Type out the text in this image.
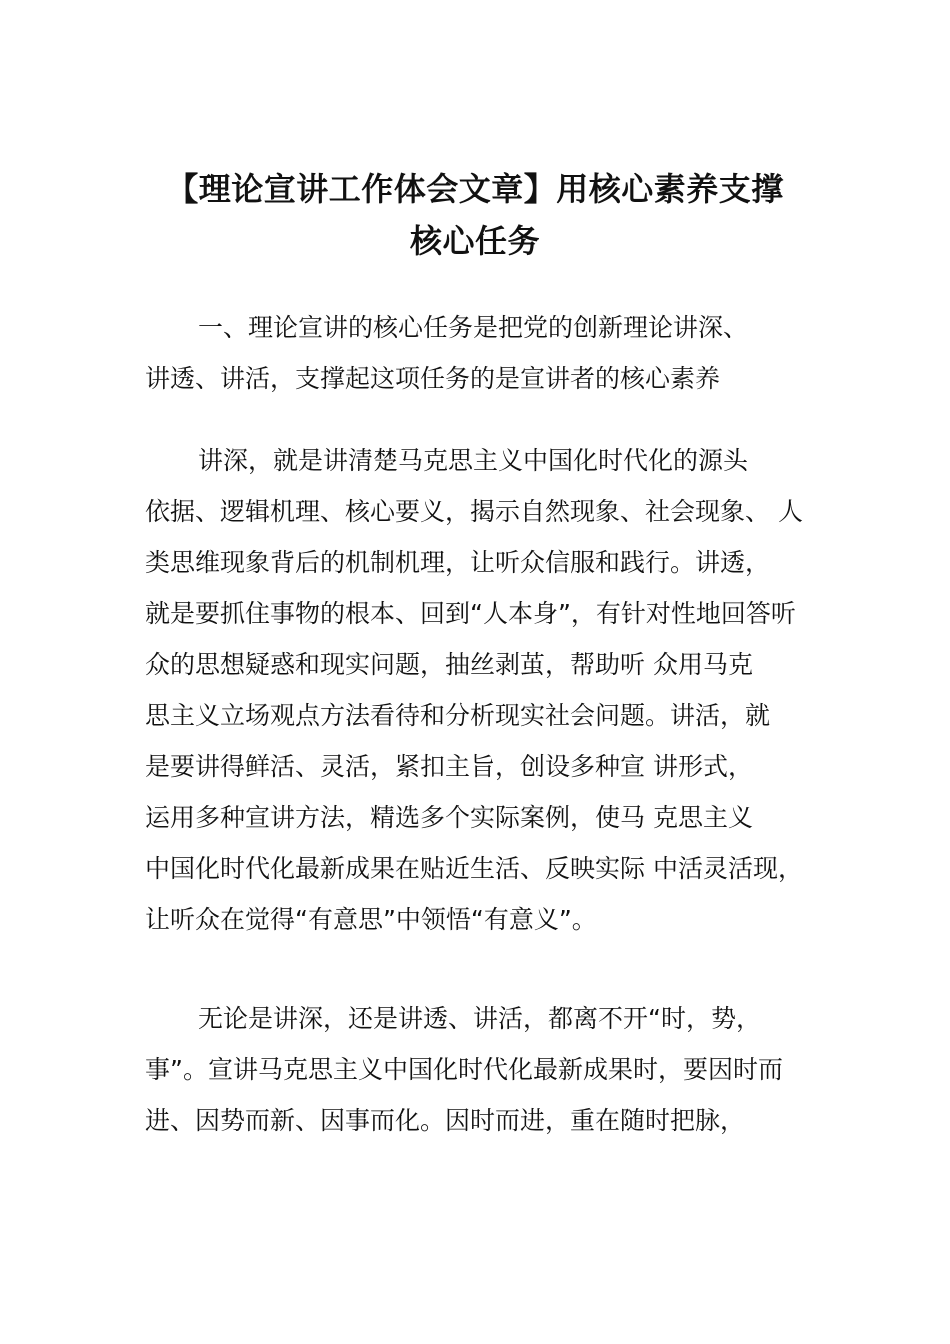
【理论宣讲工作体会文章】用核心素养支撑
核心任务
一、理论宣讲的核心任务是把党的创新理论讲深、
讲透、讲活，支撑起这项任务的是宣讲者的核心素养
讲深，就是讲清楚马克思主义中国化时代化的源头
依据、逻辑机理、核心要义，揭示自然现象、社会现象、 人
类思维现象背后的机制机理，让听众信服和践行。讲透，
就是要抓住事物的根本、回到“人本身”，有针对性地回答听
众的思想疑惑和现实问题，抽丝剥茧，帮助听 众用马克
思主义立场观点方法看待和分析现实社会问题。讲活，就
是要讲得鲜活、灵活，紧扣主旨，创设多种宣 讲形式，
运用多种宣讲方法，精选多个实际案例，使马 克思主义
中国化时代化最新成果在贴近生活、反映实际 中活灵活现，
让听众在觉得“有意思”中领悟“有意义”。
无论是讲深，还是讲透、讲活，都离不开“时，势，
事”。宣讲马克思主义中国化时代化最新成果时，要因时而
进、因势而新、因事而化。因时而进，重在随时把脉，
